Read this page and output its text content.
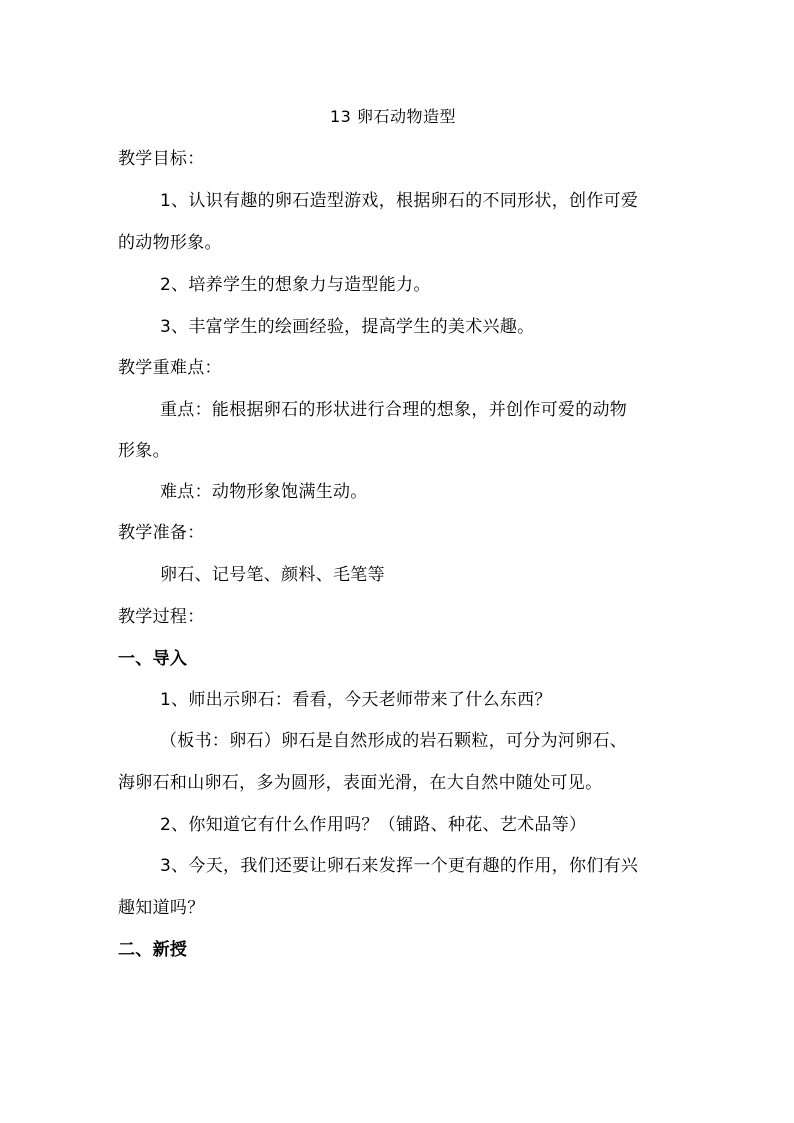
13 卵石动物造型
教学目标：
1、认识有趣的卵石造型游戏，根据卵石的不同形状，创作可爱
的动物形象。
2、培养学生的想象力与造型能力。
3、丰富学生的绘画经验，提高学生的美术兴趣。
教学重难点：
重点：能根据卵石的形状进行合理的想象，并创作可爱的动物
形象。
难点：动物形象饱满生动。
教学准备：
卵石、记号笔、颜料、毛笔等
教学过程：
一、导入
1、师出示卵石：看看，今天老师带来了什么东西？
（板书：卵石）卵石是自然形成的岩石颗粒，可分为河卵石、
海卵石和山卵石，多为圆形，表面光滑，在大自然中随处可见。
2、你知道它有什么作用吗？（铺路、种花、艺术品等）
3、今天，我们还要让卵石来发挥一个更有趣的作用，你们有兴
趣知道吗？
二、新授
